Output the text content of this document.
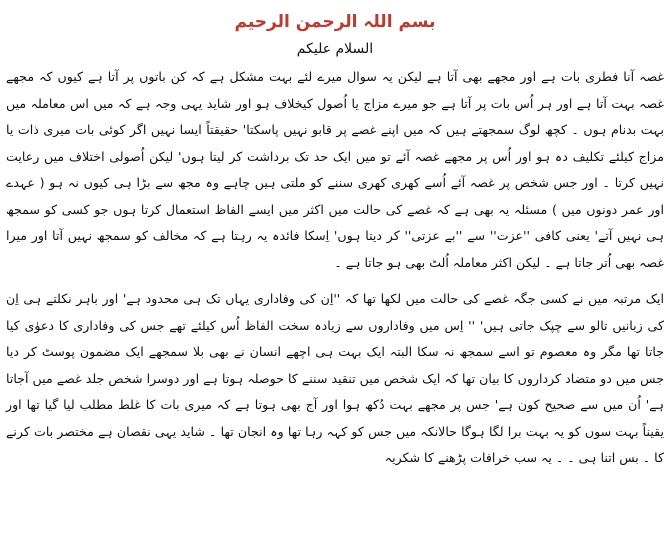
بسم اللہ الرحمن الرحیم
السلام علیکم

غصہ آنا فطری بات ہے اور مجھے بھی آتا ہے لیکن یہ سوال میرے لئے بہت مشکل ہے کہ کن باتوں پر آتا ہے کیوں کہ مجھے غصہ بہت آتا ہے اور ہر اُس بات پر آتا ہے جو میرے مزاج یا اُصول کیخلاف ہو اور شاید یہی وجہ ہے کہ میں اس معاملہ میں بہت بدنام ہوں ۔ کچھ لوگ سمجھتے ہیں کہ میں اپنے غصے پر قابو نہیں پاسکتا' حقیقتاً ایسا نہیں اگر کوئی بات میری ذات یا مزاج کیلئے تکلیف دہ ہو اور اُس پر مجھے غصہ آئے تو میں ایک حد تک برداشت کر لیتا ہوں' لیکن اُصولی اختلاف میں رعایت نہیں کرتا ۔ اور جس شخص پر غصہ آئے اُسے کھری کھری سننے کو ملتی ہیں چاہے وہ مجھ سے بڑا ہی کیوں نہ ہو ( عہدے اور عمر دونوں میں ) مسئلہ یہ بھی ہے کہ غصے کی حالت میں اکثر میں ایسے الفاظ استعمال کرتا ہوں جو کسی کو سمجھ ہی نہیں آتے' یعنی کافی ''عزت'' سے ''بے عزتی'' کر دیتا ہوں' اِسکا فائدہ یہ رہتا ہے کہ مخالف کو سمجھ نہیں آتا اور میرا غصہ بھی اُتر جاتا ہے ۔ لیکن اکثر معاملہ اُلٹ بھی ہو جاتا ہے ۔

ایک مرتبہ میں نے کسی جگہ غصے کی حالت میں لکھا تھا کہ ''اِن کی وفاداری یہاں تک ہی محدود ہے' اور باہر نکلتے ہی اِن کی زبانیں تالو سے چپک جاتی ہیں' '' اِس میں وفاداروں سے زیادہ سخت الفاظ اُس کیلئے تھے جس کی وفاداری کا دعوٰی کیا جاتا تھا مگر وہ معصوم تو اسے سمجھ نہ سکا البتہ ایک بہت ہی اچھے انسان نے بھی بلا سمجھے ایک مضمون پوسٹ کر دیا جس میں دو متضاد کرداروں کا بیان تھا کہ ایک شخص میں تنقید سننے کا حوصلہ ہوتا ہے اور دوسرا شخص جلد غصے میں آجاتا ہے' اُن میں سے صحیح کون ہے' جس پر مجھے بہت دُکھ ہوا اور آج بھی ہوتا ہے کہ میری بات کا غلط مطلب لیا گیا تھا اور یقیناً بہت سوں کو یہ بہت برا لگا ہوگا حالانکہ میں جس کو کہہ رہا تھا وہ انجان تھا ۔ شاید یہی نقصان ہے مختصر بات کرنے کا ۔ بس اتنا ہی ۔ ۔ یہ سب خرافات پڑھنے کا شکریہ
